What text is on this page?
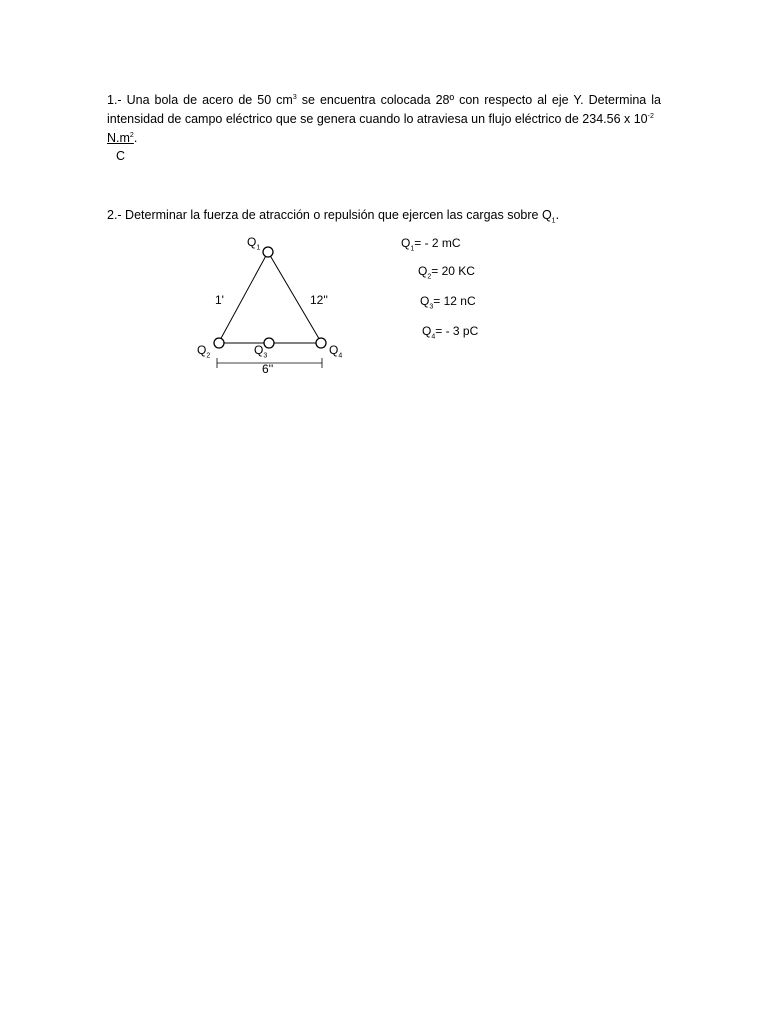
1.- Una bola de acero de 50 $cm^3$ se encuentra colocada 28º con respecto al eje Y. Determina la intensidad de campo eléctrico que se genera cuando lo atraviesa un flujo eléctrico de 234.56 x $10^{-2}$
$N.m^2$.
C
2.- Determinar la fuerza de atracción o repulsión que ejercen las cargas sobre $Q_1$.
$Q_1$
$Q_2$	$Q_3$	$Q_4$
1'	12''
6''
$Q_1= - 2$ mC
$Q_2= 20$ KC
$Q_3= 12$ nC
$Q_4= - 3$ pC
